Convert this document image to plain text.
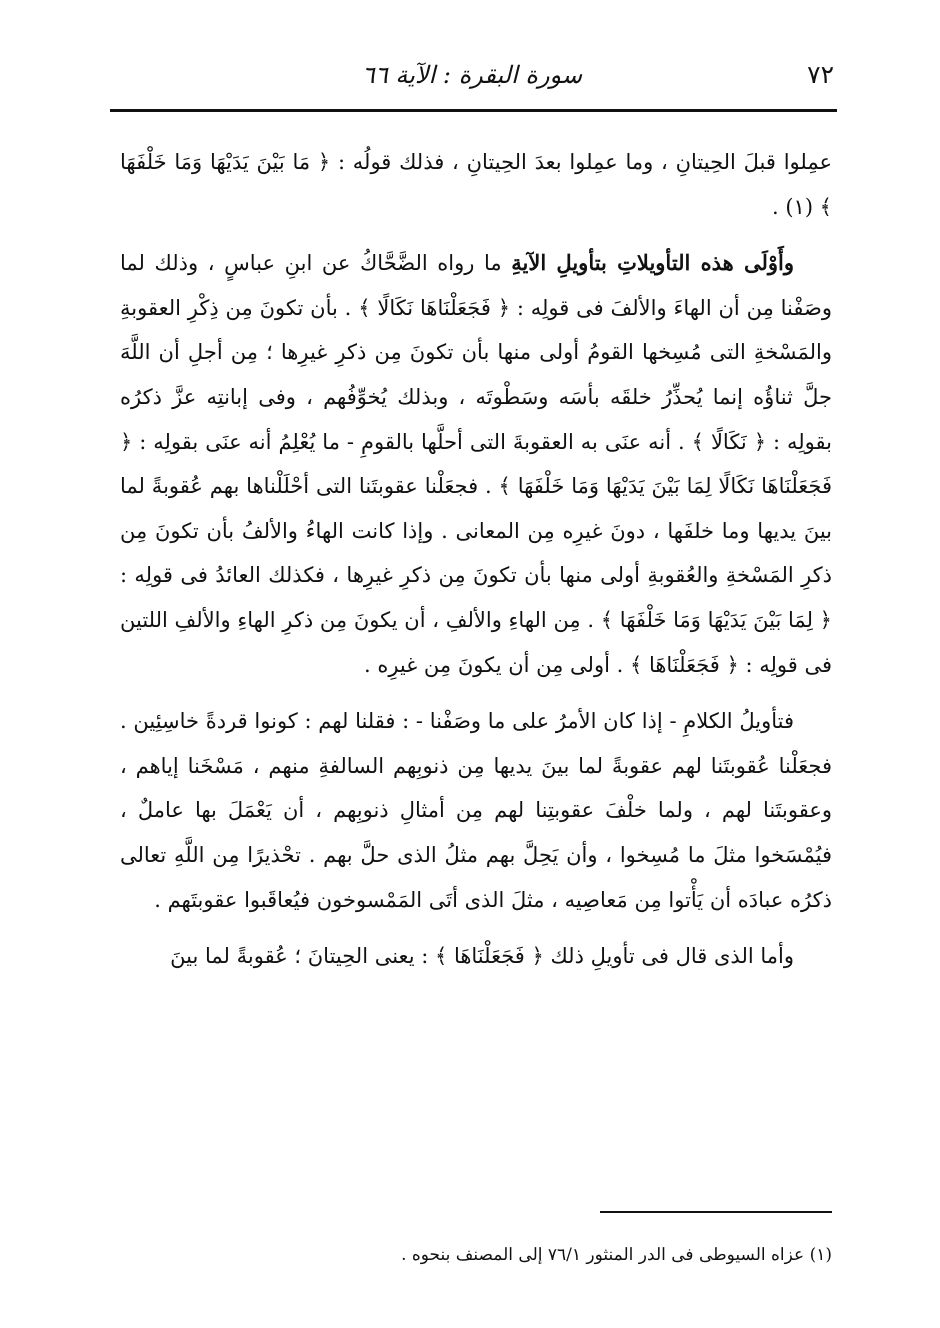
٧٢
سورة البقرة : الآية ٦٦

عمِلوا قبلَ الحِيتانِ ، وما عمِلوا بعدَ الحِيتانِ ، فذلك قولُه : ﴿ مَا بَيْنَ يَدَيْهَا وَمَا خَلْفَهَا ﴾ (١) .

وأَوْلَى هذه التأويلاتِ بتأويلِ الآيةِ ما رواه الضَّحَّاكُ عن ابنِ عباسٍ ، وذلك لما وصَفْنا مِن أن الهاءَ والألفَ فى قولِه : ﴿ فَجَعَلْنَاهَا نَكَالًا ﴾ . بأن تكونَ مِن ذِكْرِ العقوبةِ والمَسْخةِ التى مُسِخها القومُ أولى منها بأن تكونَ مِن ذكرِ غيرِها ؛ مِن أجلِ أن اللَّهَ جلَّ ثناؤُه إنما يُحذِّرُ خلقَه بأسَه وسَطْوتَه ، وبذلك يُخوِّفُهم ، وفى إبانتِه عزَّ ذكرُه بقولِه : ﴿ نَكَالًا ﴾ . أنه عنَى به العقوبةَ التى أحلَّها بالقومِ - ما يُعْلِمُ أنه عنَى بقولِه : ﴿ فَجَعَلْنَاهَا نَكَالًا لِمَا بَيْنَ يَدَيْهَا وَمَا خَلْفَهَا ﴾ . فجعَلْنا عقوبتَنا التى أحْلَلْناها بهم عُقوبةً لما بينَ يديها وما خلفَها ، دونَ غيرِه مِن المعانى . وإذا كانت الهاءُ والألفُ بأن تكونَ مِن ذكرِ المَسْخةِ والعُقوبةِ أولى منها بأن تكونَ مِن ذكرِ غيرِها ، فكذلك العائدُ فى قولِه : ﴿ لِمَا بَيْنَ يَدَيْهَا وَمَا خَلْفَهَا ﴾ . مِن الهاءِ والألفِ ، أن يكونَ مِن ذكرِ الهاءِ والألفِ اللتين فى قولِه : ﴿ فَجَعَلْنَاهَا ﴾ . أولى مِن أن يكونَ مِن غيرِه .

فتأويلُ الكلامِ - إذا كان الأمرُ على ما وصَفْنا - : فقلنا لهم : كونوا قردةً خاسِئِين . فجعَلْنا عُقوبتَنا لهم عقوبةً لما بينَ يديها مِن ذنوبِهم السالفةِ منهم ، مَسْخَنا إياهم ، وعقوبتَنا لهم ، ولما خلْفَ عقوبتِنا لهم مِن أمثالِ ذنوبِهم ، أن يَعْمَلَ بها عاملٌ ، فيُمْسَخوا مثلَ ما مُسِخوا ، وأن يَحِلَّ بهم مثلُ الذى حلَّ بهم . تحْذيرًا مِن اللَّهِ تعالى ذكرُه عبادَه أن يَأْتوا مِن مَعاصِيه ، مثلَ الذى أتَى المَمْسوخون فيُعاقَبوا عقوبتَهم .

وأما الذى قال فى تأويلِ ذلك ﴿ فَجَعَلْنَاهَا ﴾ : يعنى الحِيتانَ ؛ عُقوبةً لما بينَ

(١) عزاه السيوطى فى الدر المنثور ٧٦/١ إلى المصنف بنحوه .
